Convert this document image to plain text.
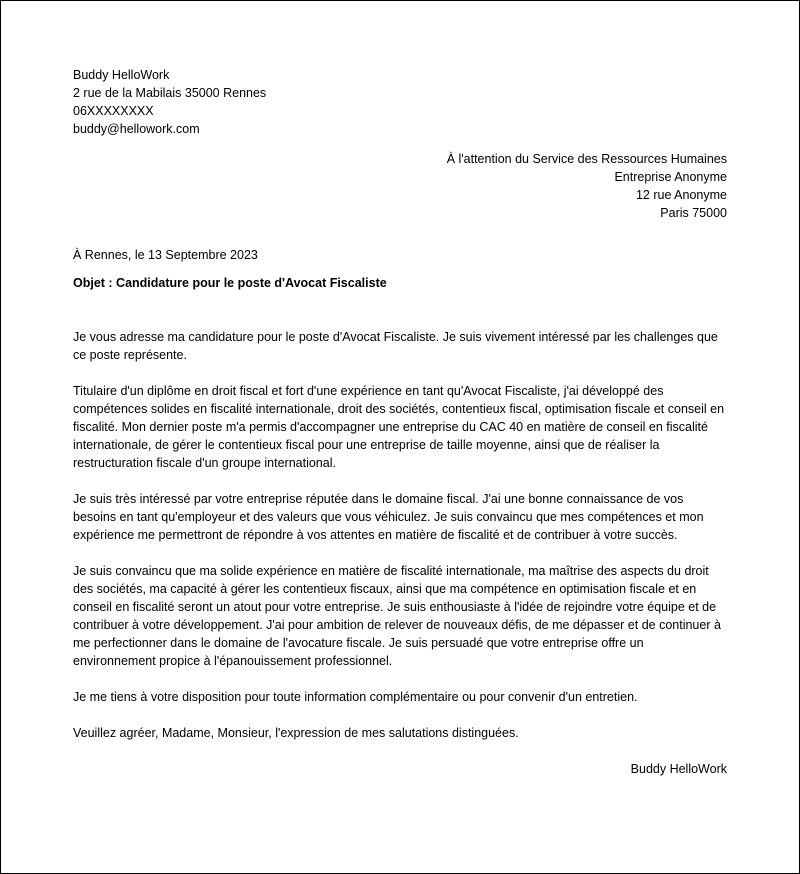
Buddy HelloWork
2 rue de la Mabilais 35000 Rennes
06XXXXXXXX
buddy@hellowork.com
À l'attention du Service des Ressources Humaines
Entreprise Anonyme
12 rue Anonyme
Paris 75000
À Rennes, le 13 Septembre 2023
Objet : Candidature pour le poste d'Avocat Fiscaliste

Je vous adresse ma candidature pour le poste d'Avocat Fiscaliste. Je suis vivement intéressé par les challenges que ce poste représente.

Titulaire d'un diplôme en droit fiscal et fort d'une expérience en tant qu'Avocat Fiscaliste, j'ai développé des compétences solides en fiscalité internationale, droit des sociétés, contentieux fiscal, optimisation fiscale et conseil en fiscalité. Mon dernier poste m'a permis d'accompagner une entreprise du CAC 40 en matière de conseil en fiscalité internationale, de gérer le contentieux fiscal pour une entreprise de taille moyenne, ainsi que de réaliser la restructuration fiscale d'un groupe international.

Je suis très intéressé par votre entreprise réputée dans le domaine fiscal. J'ai une bonne connaissance de vos besoins en tant qu'employeur et des valeurs que vous véhiculez. Je suis convaincu que mes compétences et mon expérience me permettront de répondre à vos attentes en matière de fiscalité et de contribuer à votre succès.

Je suis convaincu que ma solide expérience en matière de fiscalité internationale, ma maîtrise des aspects du droit des sociétés, ma capacité à gérer les contentieux fiscaux, ainsi que ma compétence en optimisation fiscale et en conseil en fiscalité seront un atout pour votre entreprise. Je suis enthousiaste à l'idée de rejoindre votre équipe et de contribuer à votre développement. J'ai pour ambition de relever de nouveaux défis, de me dépasser et de continuer à me perfectionner dans le domaine de l'avocature fiscale. Je suis persuadé que votre entreprise offre un environnement propice à l'épanouissement professionnel.

Je me tiens à votre disposition pour toute information complémentaire ou pour convenir d'un entretien.

Veuillez agréer, Madame, Monsieur, l'expression de mes salutations distinguées.

Buddy HelloWork
